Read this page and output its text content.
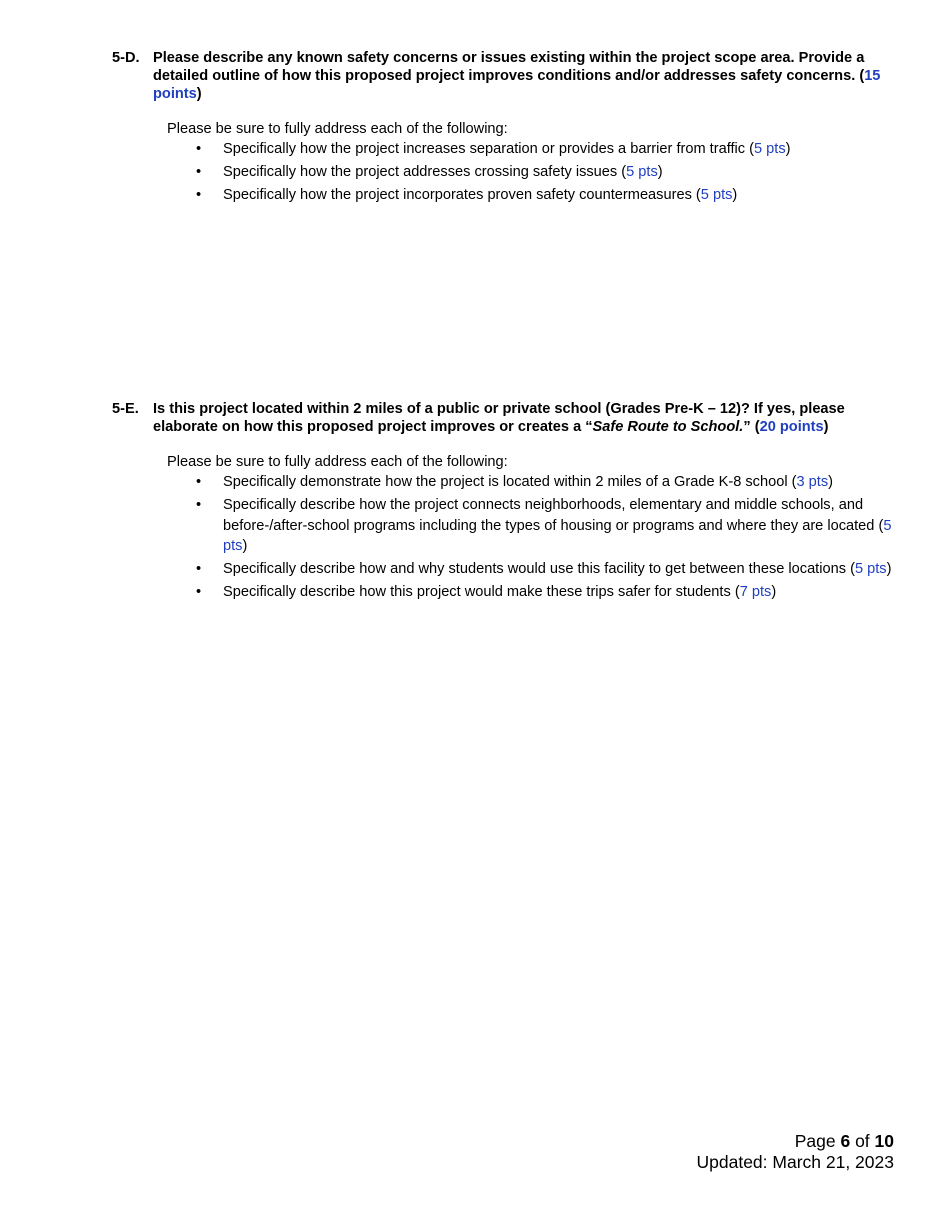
5-D. Please describe any known safety concerns or issues existing within the project scope area. Provide a detailed outline of how this proposed project improves conditions and/or addresses safety concerns. (15 points)
Please be sure to fully address each of the following:
• Specifically how the project increases separation or provides a barrier from traffic (5 pts)
• Specifically how the project addresses crossing safety issues (5 pts)
• Specifically how the project incorporates proven safety countermeasures (5 pts)
5-E. Is this project located within 2 miles of a public or private school (Grades Pre-K – 12)? If yes, please elaborate on how this proposed project improves or creates a “Safe Route to School.” (20 points)
Please be sure to fully address each of the following:
• Specifically demonstrate how the project is located within 2 miles of a Grade K-8 school (3 pts)
• Specifically describe how the project connects neighborhoods, elementary and middle schools, and before-/after-school programs including the types of housing or programs and where they are located (5 pts)
• Specifically describe how and why students would use this facility to get between these locations (5 pts)
• Specifically describe how this project would make these trips safer for students (7 pts)
Page 6 of 10
Updated: March 21, 2023
